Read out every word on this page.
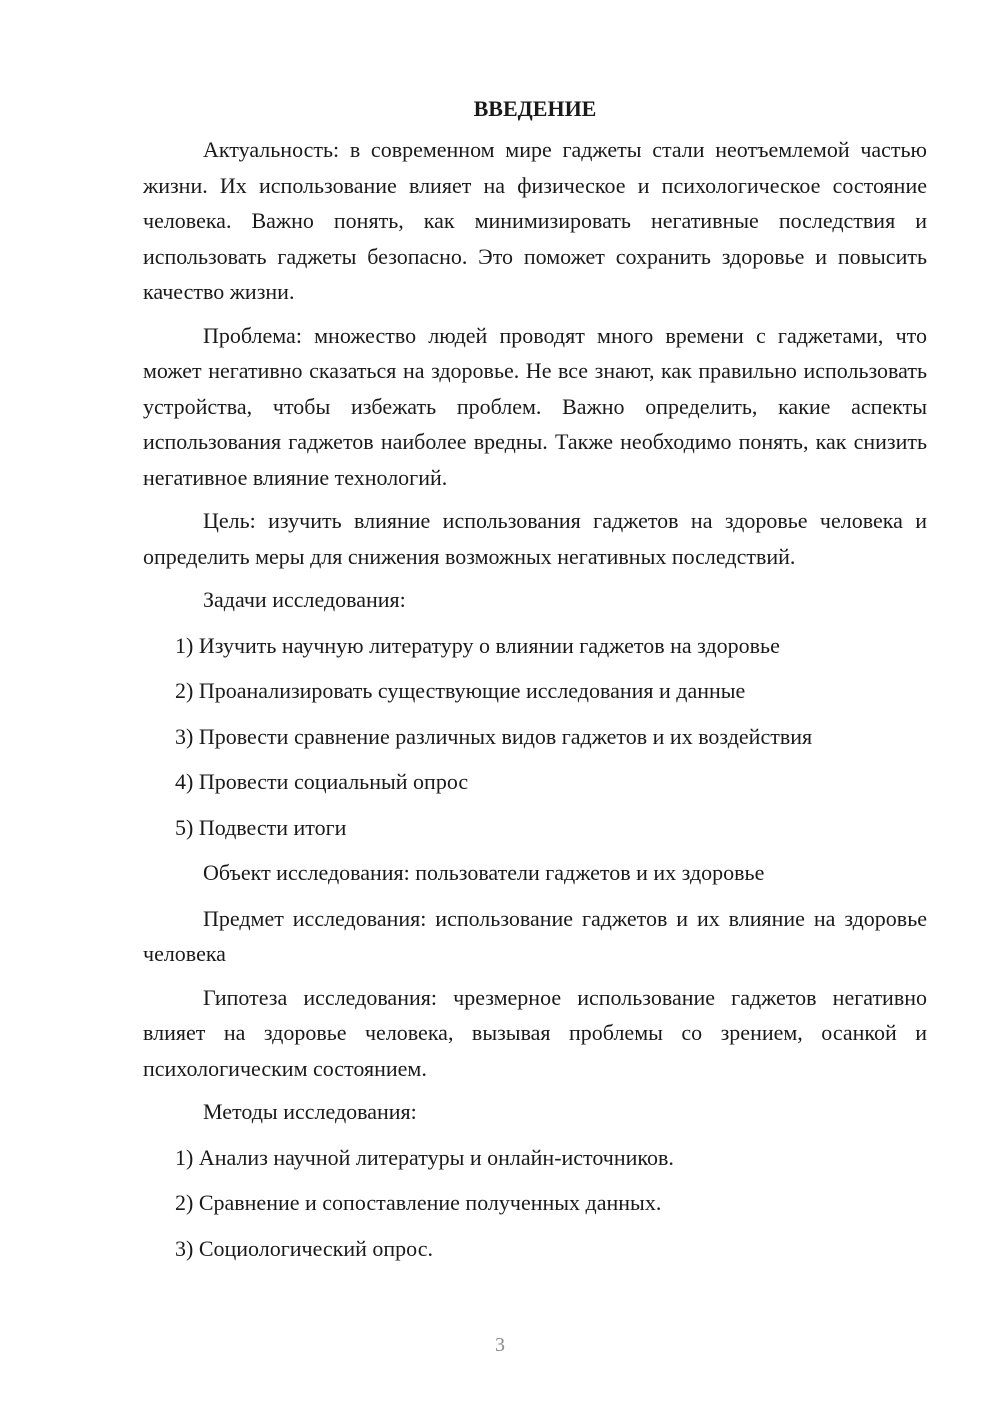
ВВЕДЕНИЕ

Актуальность: в современном мире гаджеты стали неотъемлемой частью жизни. Их использование влияет на физическое и психологическое состояние человека. Важно понять, как минимизировать негативные последствия и использовать гаджеты безопасно. Это поможет сохранить здоровье и повысить качество жизни.

Проблема: множество людей проводят много времени с гаджетами, что может негативно сказаться на здоровье. Не все знают, как правильно использовать устройства, чтобы избежать проблем. Важно определить, какие аспекты использования гаджетов наиболее вредны. Также необходимо понять, как снизить негативное влияние технологий.

Цель: изучить влияние использования гаджетов на здоровье человека и определить меры для снижения возможных негативных последствий.

Задачи исследования:

1) Изучить научную литературу о влиянии гаджетов на здоровье

2) Проанализировать существующие исследования и данные

3) Провести сравнение различных видов гаджетов и их воздействия

4) Провести социальный опрос

5) Подвести итоги

Объект исследования: пользователи гаджетов и их здоровье

Предмет исследования: использование гаджетов и их влияние на здоровье человека

Гипотеза исследования: чрезмерное использование гаджетов негативно влияет на здоровье человека, вызывая проблемы со зрением, осанкой и психологическим состоянием.

Методы исследования:

1) Анализ научной литературы и онлайн-источников.

2) Сравнение и сопоставление полученных данных.

3) Социологический опрос.

3
